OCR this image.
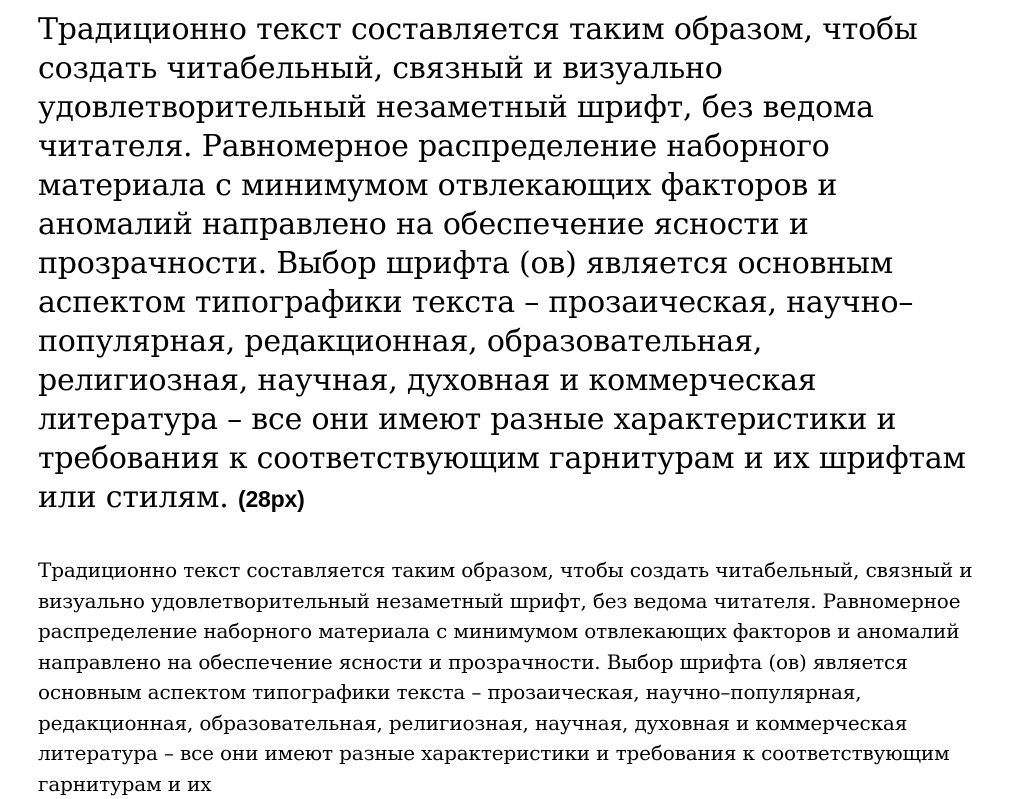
Традиционно текст составляется таким образом, чтобы создать читабельный, связный и визуально удовлетворительный незаметный шрифт, без ведома читателя. Равномерное распределение наборного материала с минимумом отвлекающих факторов и аномалий направлено на обеспечение ясности и прозрачности. Выбор шрифта (ов) является основным аспектом типографики текста – прозаическая, научно–популярная, редакционная, образовательная, религиозная, научная, духовная и коммерческая литература – все они имеют разные характеристики и требования к соответствующим гарнитурам и их шрифтам или стилям. (28px)

Традиционно текст составляется таким образом, чтобы создать читабельный, связный и визуально удовлетворительный незаметный шрифт, без ведома читателя. Равномерное распределение наборного материала с минимумом отвлекающих факторов и аномалий направлено на обеспечение ясности и прозрачности. Выбор шрифта (ов) является основным аспектом типографики текста – прозаическая, научно–популярная, редакционная, образовательная, религиозная, научная, духовная и коммерческая литература – все они имеют разные характеристики и требования к соответствующим гарнитурам и их
